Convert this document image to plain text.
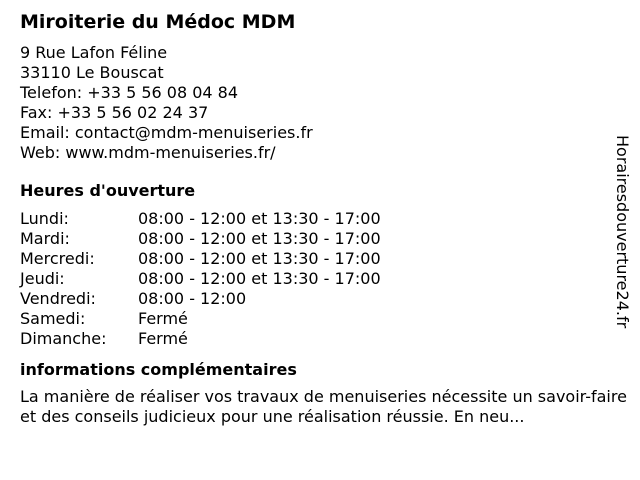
Miroiterie du Médoc MDM
9 Rue Lafon Féline
33110 Le Bouscat
Telefon: +33 5 56 08 04 84
Fax: +33 5 56 02 24 37
Email: contact@mdm-menuiseries.fr
Web: www.mdm-menuiseries.fr/
Heures d'ouverture
Lundi:	08:00 - 12:00 et 13:30 - 17:00
Mardi:	08:00 - 12:00 et 13:30 - 17:00
Mercredi:	08:00 - 12:00 et 13:30 - 17:00
Jeudi:	08:00 - 12:00 et 13:30 - 17:00
Vendredi:	08:00 - 12:00
Samedi:	Fermé
Dimanche:	Fermé
informations complémentaires
La manière de réaliser vos travaux de menuiseries nécessite un savoir-faire et des conseils judicieux pour une réalisation réussie. En neu...
Horairesdouverture24.fr
